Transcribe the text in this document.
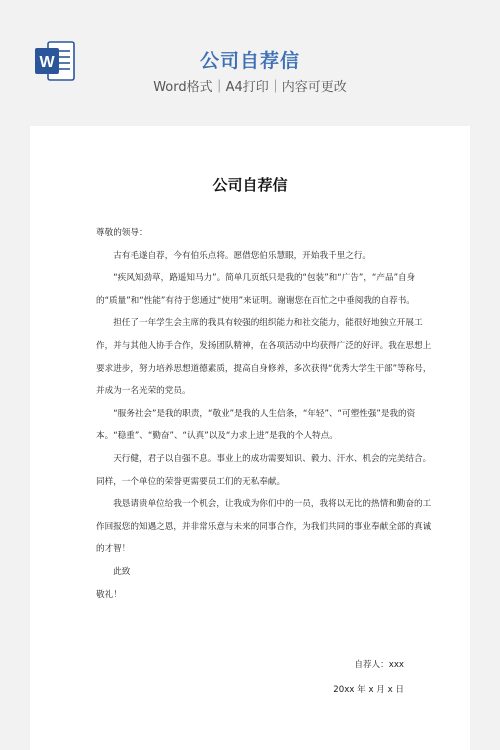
W	公司自荐信
Word格式｜A4打印｜内容可更改
公司自荐信

尊敬的领导：

古有毛遂自荐，今有伯乐点将。愿借您伯乐慧眼，开始我千里之行。

“疾风知劲草，路遥知马力”。简单几页纸只是我的“包装”和“广告”，“产品”自身的“质量”和“性能”有待于您通过“使用”来证明。谢谢您在百忙之中垂阅我的自荐书。

担任了一年学生会主席的我具有较强的组织能力和社交能力，能很好地独立开展工作，并与其他人协手合作，发扬团队精神，在各项活动中均获得广泛的好评。我在思想上要求进步，努力培养思想道德素质，提高自身修养，多次获得“优秀大学生干部”等称号，并成为一名光荣的党员。

“服务社会”是我的职责，“敬业”是我的人生信条，“年轻”、“可塑性强”是我的资本。“稳重”、“勤奋”、“认真”以及“力求上进”是我的个人特点。

天行健，君子以自强不息。事业上的成功需要知识、毅力、汗水、机会的完美结合。同样，一个单位的荣誉更需要员工们的无私奉献。

我恳请贵单位给我一个机会，让我成为你们中的一员，我将以无比的热情和勤奋的工作回报您的知遇之恩，并非常乐意与未来的同事合作，为我们共同的事业奉献全部的真诚的才智！

此致

敬礼！

自荐人：xxx
20xx 年 x 月 x 日
